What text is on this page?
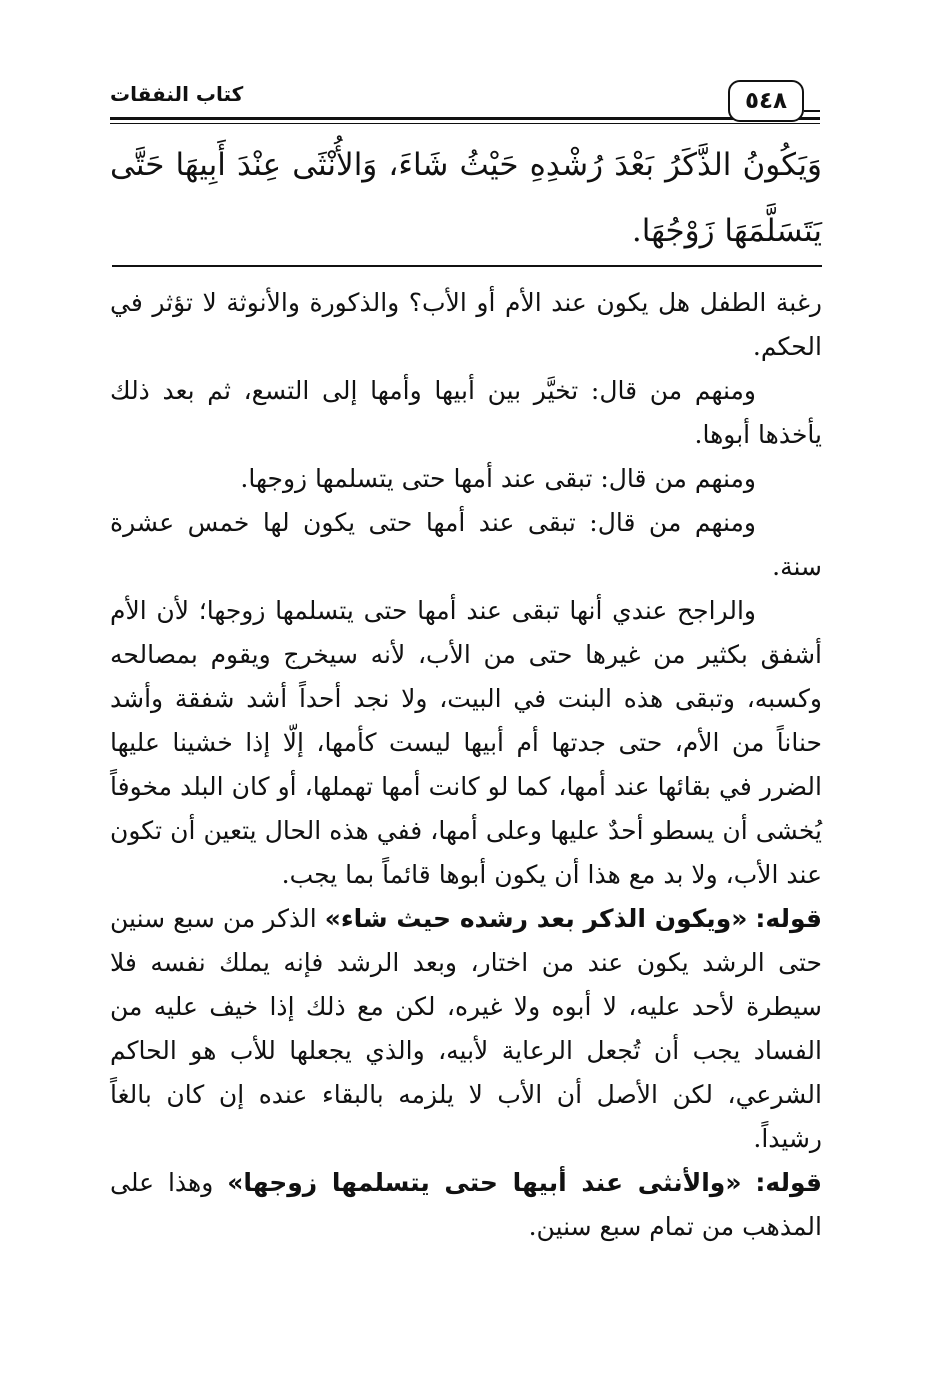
٥٤٨
كتاب النفقات
وَيَكُونُ الذَّكَرُ بَعْدَ رُشْدِهِ حَيْثُ شَاءَ، وَالأُنْثَى عِنْدَ أَبِيهَا حَتَّى يَتَسَلَّمَهَا زَوْجُهَا.

رغبة الطفل هل يكون عند الأم أو الأب؟ والذكورة والأنوثة لا تؤثر في الحكم.

ومنهم من قال: تخيَّر بين أبيها وأمها إلى التسع، ثم بعد ذلك يأخذها أبوها.

ومنهم من قال: تبقى عند أمها حتى يتسلمها زوجها.

ومنهم من قال: تبقى عند أمها حتى يكون لها خمس عشرة سنة.

والراجح عندي أنها تبقى عند أمها حتى يتسلمها زوجها؛ لأن الأم أشفق بكثير من غيرها حتى من الأب، لأنه سيخرج ويقوم بمصالحه وكسبه، وتبقى هذه البنت في البيت، ولا نجد أحداً أشد شفقة وأشد حناناً من الأم، حتى جدتها أم أبيها ليست كأمها، إلّا إذا خشينا عليها الضرر في بقائها عند أمها، كما لو كانت أمها تهملها، أو كان البلد مخوفاً يُخشى أن يسطو أحدٌ عليها وعلى أمها، ففي هذه الحال يتعين أن تكون عند الأب، ولا بد مع هذا أن يكون أبوها قائماً بما يجب.

قوله: «ويكون الذكر بعد رشده حيث شاء» الذكر من سبع سنين حتى الرشد يكون عند من اختار، وبعد الرشد فإنه يملك نفسه فلا سيطرة لأحد عليه، لا أبوه ولا غيره، لكن مع ذلك إذا خيف عليه من الفساد يجب أن تُجعل الرعاية لأبيه، والذي يجعلها للأب هو الحاكم الشرعي، لكن الأصل أن الأب لا يلزمه بالبقاء عنده إن كان بالغاً رشيداً.

قوله: «والأنثى عند أبيها حتى يتسلمها زوجها» وهذا على المذهب من تمام سبع سنين.
